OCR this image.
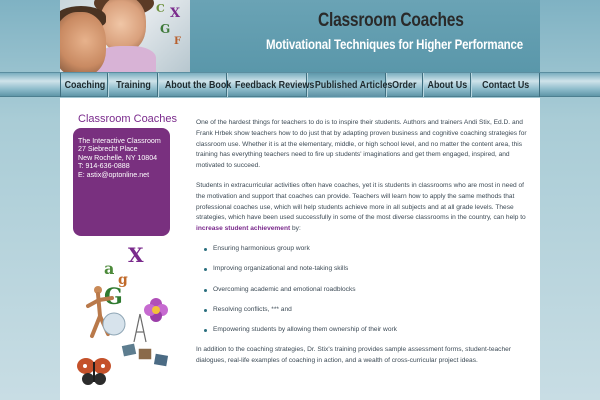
C X
G
F
Classroom Coaches
Motivational Techniques for Higher Performance
Coaching Training	About the Book Feedback Reviews Published Articles Order	About Us	Contact Us
Classroom Coaches
The Interactive Classroom
27 Siebrecht Place
New Rochelle, NY 10804
T: 914-636-0888
E: astix@optonline.net
X
a
g
G

One of the hardest things for teachers to do is to inspire their students. Authors and trainers Andi Stix, Ed.D. and Frank Hrbek show teachers how to do just that by adapting proven business and cognitive coaching strategies for classroom use. Whether it is at the elementary, middle, or high school level, and no matter the content area, this training has everything teachers need to fire up students' imaginations and get them engaged, inspired, and motivated to succeed.

Students in extracurricular activities often have coaches, yet it is students in classrooms who are most in need of the motivation and support that coaches can provide. Teachers will learn how to apply the same methods that professional coaches use, which will help students achieve more in all subjects and at all grade levels. These strategies, which have been used successfully in some of the most diverse classrooms in the country, can help to increase student achievement by:

Ensuring harmonious group work
Improving organizational and note-taking skills
Overcoming academic and emotional roadblocks
Resolving conflicts, *** and
Empowering students by allowing them ownership of their work

In addition to the coaching strategies, Dr. Stix's training provides sample assessment forms, student-teacher dialogues, real-life examples of coaching in action, and a wealth of cross-curricular project ideas.
